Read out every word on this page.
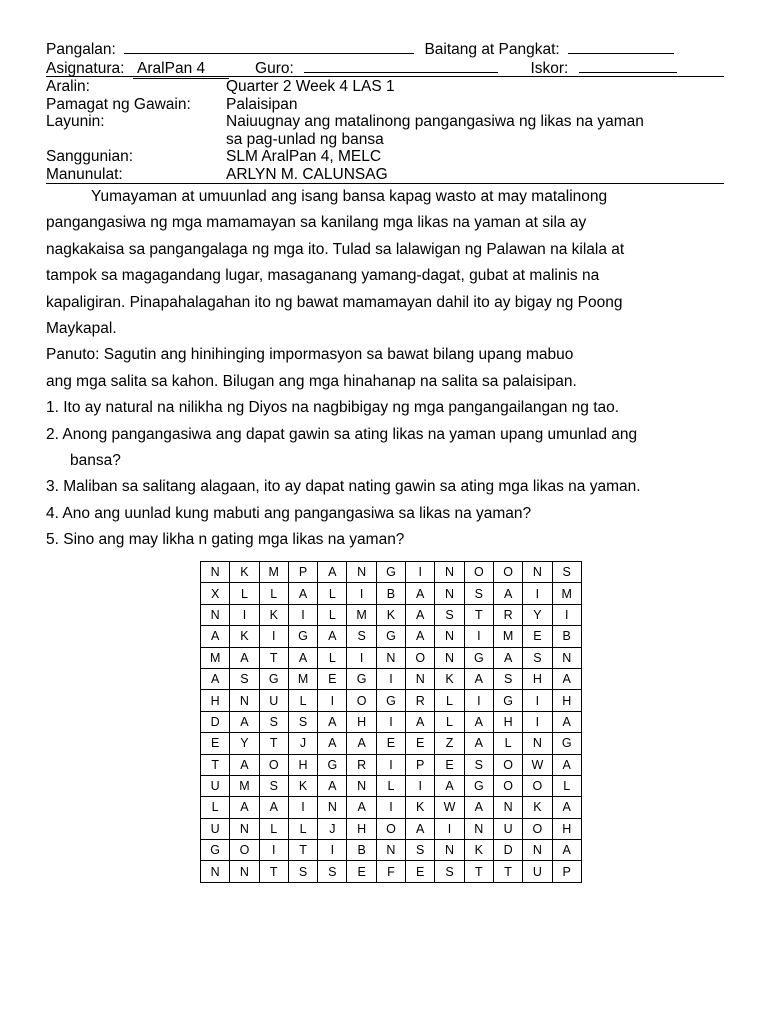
Pangalan:	Baitang at Pangkat:
Asignatura: AralPan 4	Guro:	Iskor:
Aralin:	Quarter 2 Week 4 LAS 1
Pamagat ng Gawain:	Palaisipan
Layunin:	Naiuugnay ang matalinong pangangasiwa ng likas na yaman
sa pag-unlad ng bansa
Sanggunian:	SLM AralPan 4, MELC
Manunulat:	ARLYN M. CALUNSAG

Yumayaman at umuunlad ang isang bansa kapag wasto at may matalinong

pangangasiwa ng mga mamamayan sa kanilang mga likas na yaman at sila ay

nagkakaisa sa pangangalaga ng mga ito. Tulad sa lalawigan ng Palawan na kilala at

tampok sa magagandang lugar, masaganang yamang-dagat, gubat at malinis na

kapaligiran. Pinapahalagahan ito ng bawat mamamayan dahil ito ay bigay ng Poong

Maykapal.

Panuto: Sagutin ang hinihinging impormasyon sa bawat bilang upang mabuo

ang mga salita sa kahon. Bilugan ang mga hinahanap na salita sa palaisipan.

1. Ito ay natural na nilikha ng Diyos na nagbibigay ng mga pangangailangan ng tao.

2. Anong pangangasiwa ang dapat gawin sa ating likas na yaman upang umunlad ang

bansa?

3. Maliban sa salitang alagaan, ito ay dapat nating gawin sa ating mga likas na yaman.

4. Ano ang uunlad kung mabuti ang pangangasiwa sa likas na yaman?

5. Sino ang may likha n gating mga likas na yaman?

N	K	M	P	A	N	G	I	N	O	O	N	S
X	L	L	A	L	I	B	A	N	S	A	I	M
N	I	K	I	L	M	K	A	S	T	R	Y	I
A	K	I	G	A	S	G	A	N	I	M	E	B
M	A	T	A	L	I	N	O	N	G	A	S	N
A	S	G	M	E	G	I	N	K	A	S	H	A
H	N	U	L	I	O	G	R	L	I	G	I	H
D	A	S	S	A	H	I	A	L	A	H	I	A
E	Y	T	J	A	A	E	E	Z	A	L	N	G
T	A	O	H	G	R	I	P	E	S	O	W	A
U	M	S	K	A	N	L	I	A	G	O	O	L
L	A	A	I	N	A	I	K	W	A	N	K	A
U	N	L	L	J	H	O	A	I	N	U	O	H
G	O	I	T	I	B	N	S	N	K	D	N	A
N	N	T	S	S	E	F	E	S	T	T	U	P
